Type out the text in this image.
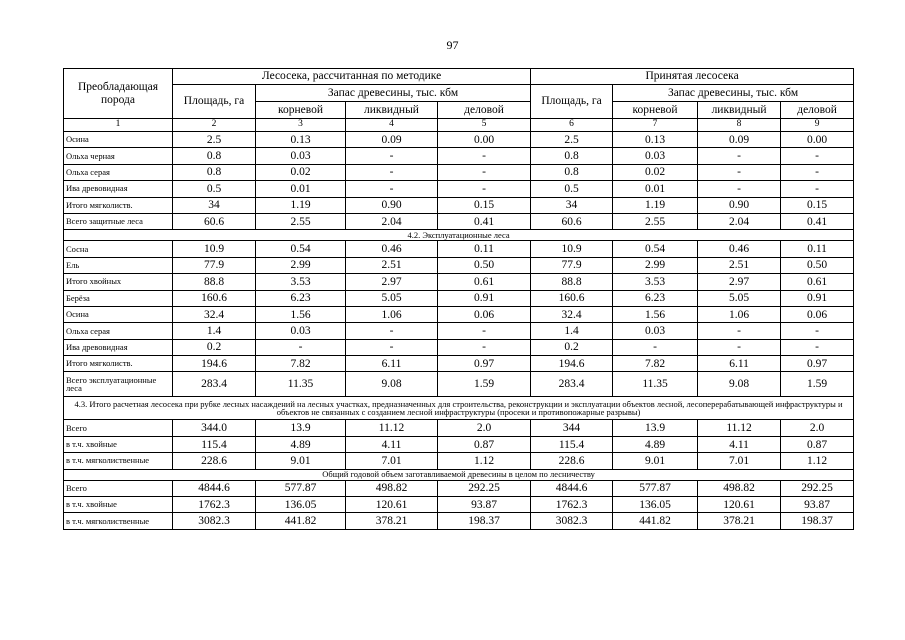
97
Преобладающая порода	Лесосека, рассчитанная по методике				Принятая лесосека			
	Площадь, га	Запас древесины, тыс. кбм			Площадь, га	Запас древесины, тыс. кбм		
		корневой	ликвидный	деловой		корневой	ликвидный	деловой
1	2	3	4	5	6	7	8	9
Осина	2.5	0.13	0.09	0.00	2.5	0.13	0.09	0.00
Ольха черная	0.8	0.03	-	-	0.8	0.03	-	-
Ольха серая	0.8	0.02	-	-	0.8	0.02	-	-
Ива древовидная	0.5	0.01	-	-	0.5	0.01	-	-
Итого мягколиств.	34	1.19	0.90	0.15	34	1.19	0.90	0.15
Всего защитные леса	60.6	2.55	2.04	0.41	60.6	2.55	2.04	0.41
4.2. Эксплуатационные леса								
Сосна	10.9	0.54	0.46	0.11	10.9	0.54	0.46	0.11
Ель	77.9	2.99	2.51	0.50	77.9	2.99	2.51	0.50
Итого хвойных	88.8	3.53	2.97	0.61	88.8	3.53	2.97	0.61
Берёза	160.6	6.23	5.05	0.91	160.6	6.23	5.05	0.91
Осина	32.4	1.56	1.06	0.06	32.4	1.56	1.06	0.06
Ольха серая	1.4	0.03	-	-	1.4	0.03	-	-
Ива древовидная	0.2	-	-	-	0.2	-	-	-
Итого мягколиств.	194.6	7.82	6.11	0.97	194.6	7.82	6.11	0.97
Всего эксплуатационные леса	283.4	11.35	9.08	1.59	283.4	11.35	9.08	1.59
4.3. Итого расчетная лесосека при рубке лесных насаждений на лесных участках, предназначенных для строительства, реконструкции и эксплуатации объектов лесной, лесоперерабатывающей инфраструктуры и объектов не связанных с созданием лесной инфраструктуры (просеки и противопожарные разрывы)								
Всего	344.0	13.9	11.12	2.0	344	13.9	11.12	2.0
в т.ч. хвойные	115.4	4.89	4.11	0.87	115.4	4.89	4.11	0.87
в т.ч. мягколиственные	228.6	9.01	7.01	1.12	228.6	9.01	7.01	1.12
Общий годовой объем заготавливаемой древесины в целом по лесничеству								
Всего	4844.6	577.87	498.82	292.25	4844.6	577.87	498.82	292.25
в т.ч. хвойные	1762.3	136.05	120.61	93.87	1762.3	136.05	120.61	93.87
в т.ч. мягколиственные	3082.3	441.82	378.21	198.37	3082.3	441.82	378.21	198.37
